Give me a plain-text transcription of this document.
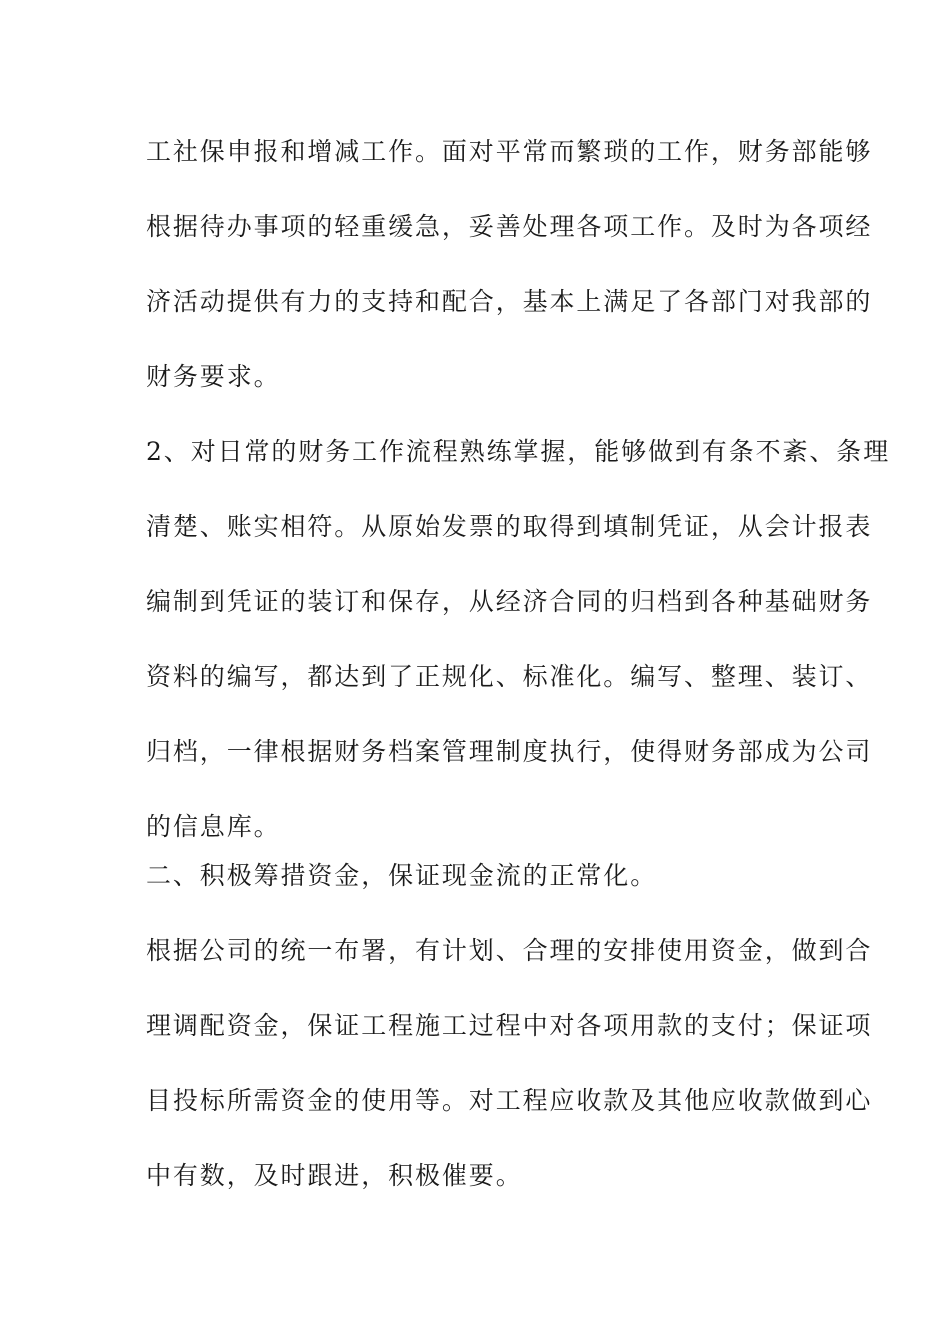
工社保申报和增减工作。面对平常而繁琐的工作，财务部能够
根据待办事项的轻重缓急，妥善处理各项工作。及时为各项经
济活动提供有力的支持和配合，基本上满足了各部门对我部的
财务要求。
2、对日常的财务工作流程熟练掌握，能够做到有条不紊、条理
清楚、账实相符。从原始发票的取得到填制凭证，从会计报表
编制到凭证的装订和保存，从经济合同的归档到各种基础财务
资料的编写，都达到了正规化、标准化。编写、整理、装订、
归档，一律根据财务档案管理制度执行，使得财务部成为公司
的信息库。
二、积极筹措资金，保证现金流的正常化。
根据公司的统一布署，有计划、合理的安排使用资金，做到合
理调配资金，保证工程施工过程中对各项用款的支付；保证项
目投标所需资金的使用等。对工程应收款及其他应收款做到心
中有数，及时跟进，积极催要。
